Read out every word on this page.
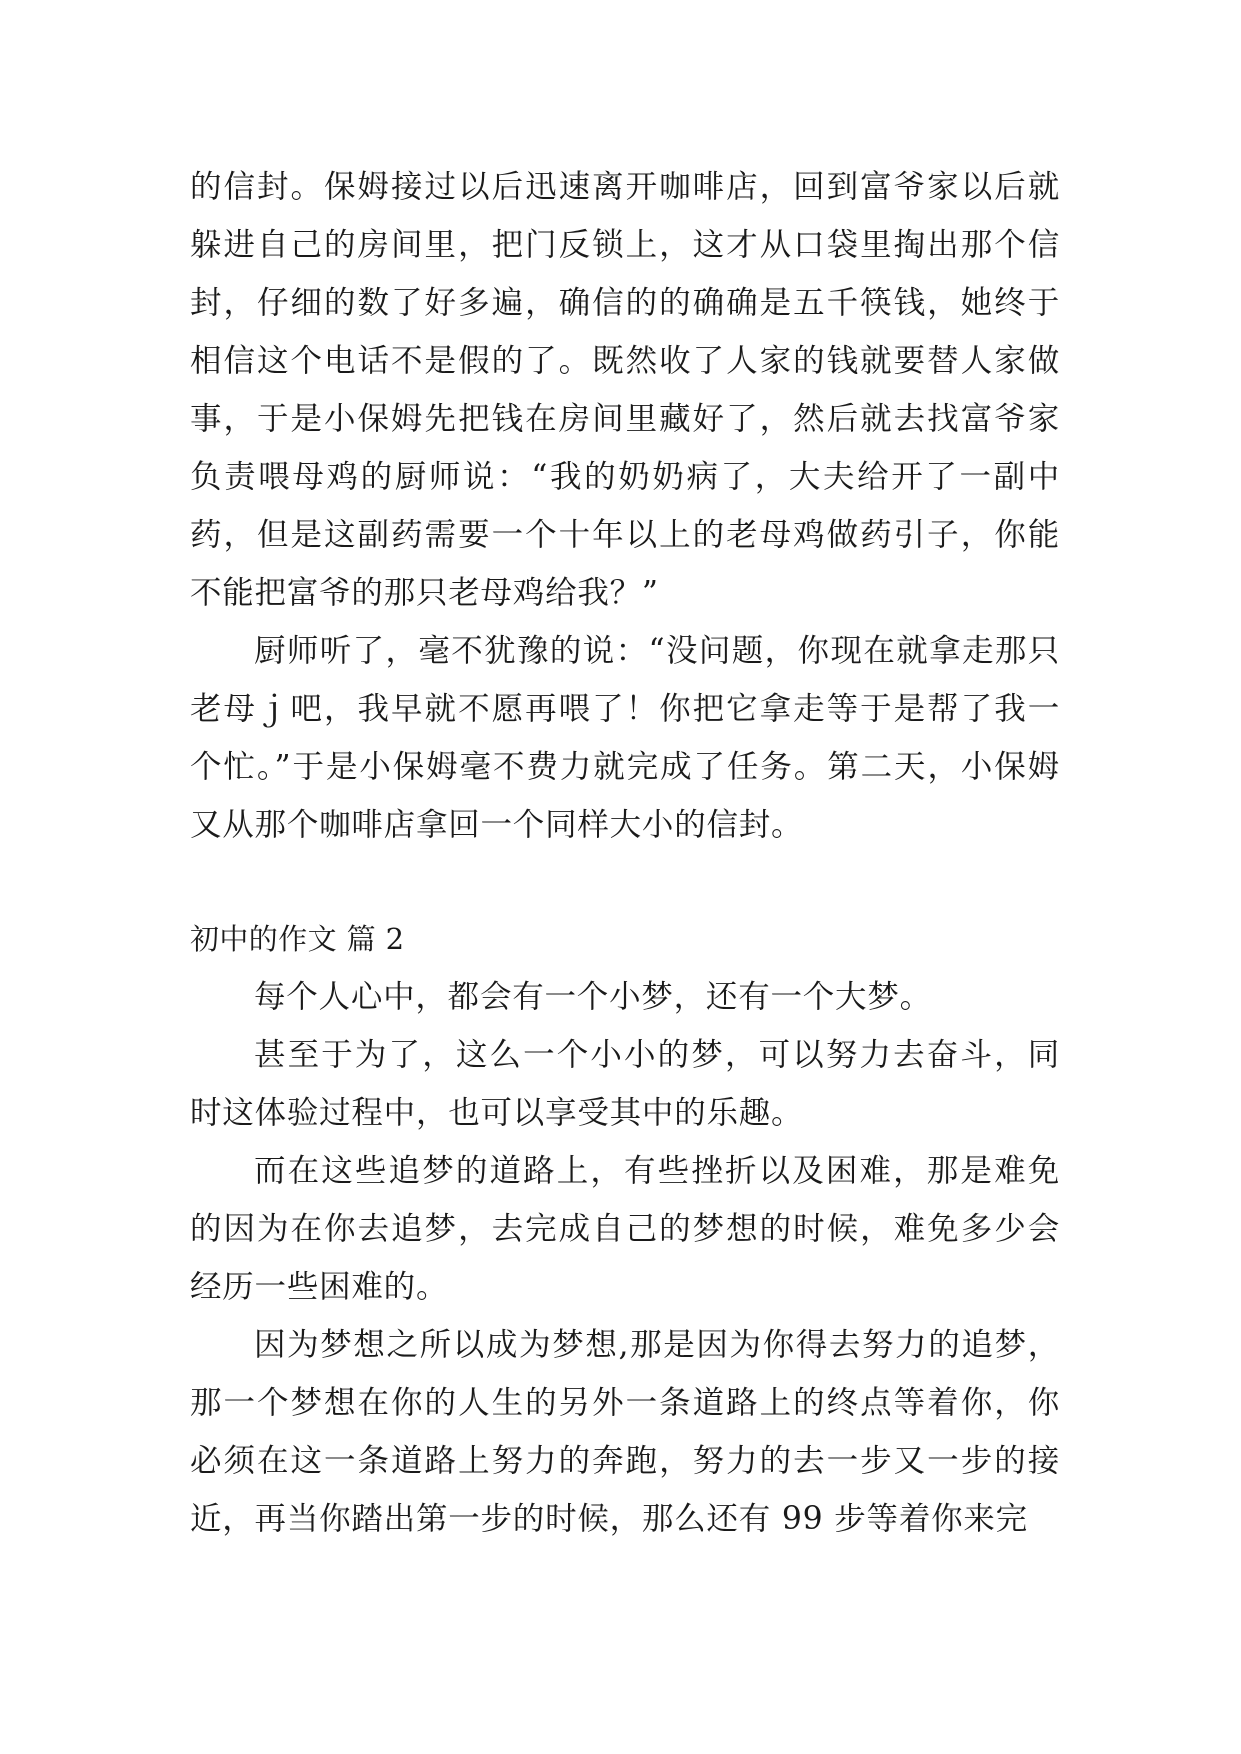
的信封。保姆接过以后迅速离开咖啡店，回到富爷家以后就躲进自己的房间里，把门反锁上，这才从口袋里掏出那个信封，仔细的数了好多遍，确信的的确确是五千筷钱，她终于相信这个电话不是假的了。既然收了人家的钱就要替人家做事，于是小保姆先把钱在房间里藏好了，然后就去找富爷家负责喂母鸡的厨师说：“我的奶奶病了，大夫给开了一副中药，但是这副药需要一个十年以上的老母鸡做药引子，你能不能把富爷的那只老母鸡给我？”

厨师听了，毫不犹豫的说：“没问题，你现在就拿走那只老母ｊ吧，我早就不愿再喂了！你把它拿走等于是帮了我一个忙。”于是小保姆毫不费力就完成了任务。第二天，小保姆又从那个咖啡店拿回一个同样大小的信封。

初中的作文 篇 2

每个人心中，都会有一个小梦，还有一个大梦。

甚至于为了，这么一个小小的梦，可以努力去奋斗，同时这体验过程中，也可以享受其中的乐趣。

而在这些追梦的道路上，有些挫折以及困难，那是难免的因为在你去追梦，去完成自己的梦想的时候，难免多少会经历一些困难的。

因为梦想之所以成为梦想,那是因为你得去努力的追梦，那一个梦想在你的人生的另外一条道路上的终点等着你，你必须在这一条道路上努力的奔跑，努力的去一步又一步的接近，再当你踏出第一步的时候，那么还有 99 步等着你来完
